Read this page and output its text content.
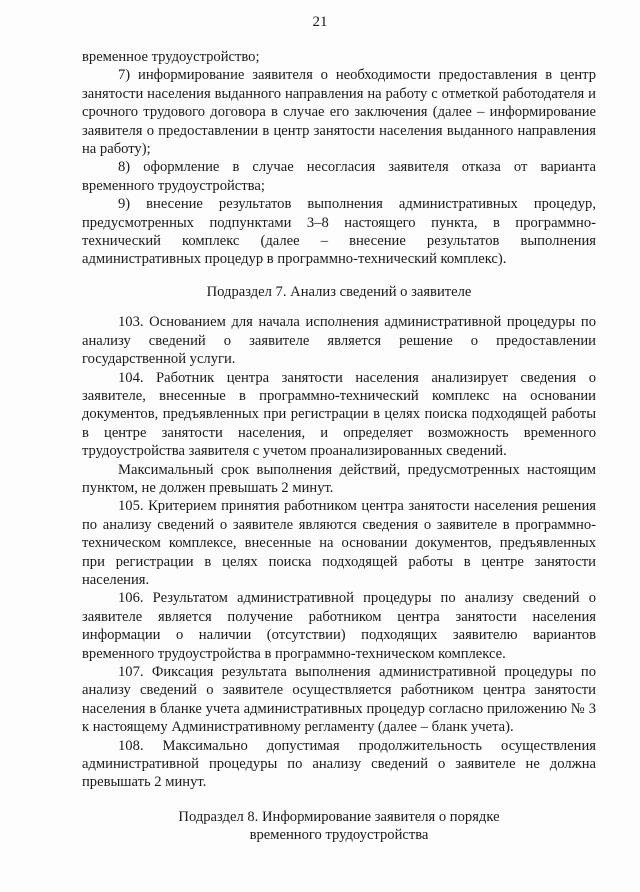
21

временное трудоустройство;

7) информирование заявителя о необходимости предоставления в центр занятости населения выданного направления на работу с отметкой работодателя и срочного трудового договора в случае его заключения (далее – информирование заявителя о предоставлении в центр занятости населения выданного направления на работу);

8) оформление в случае несогласия заявителя отказа от варианта временного трудоустройства;

9) внесение результатов выполнения административных процедур, предусмотренных подпунктами 3–8 настоящего пункта, в программно-технический комплекс (далее – внесение результатов выполнения административных процедур в программно-технический комплекс).

Подраздел 7. Анализ сведений о заявителе

103. Основанием для начала исполнения административной процедуры по анализу сведений о заявителе является решение о предоставлении государственной услуги.

104. Работник центра занятости населения анализирует сведения о заявителе, внесенные в программно-технический комплекс на основании документов, предъявленных при регистрации в целях поиска подходящей работы в центре занятости населения, и определяет возможность временного трудоустройства заявителя с учетом проанализированных сведений.

Максимальный срок выполнения действий, предусмотренных настоящим пунктом, не должен превышать 2 минут.

105. Критерием принятия работником центра занятости населения решения по анализу сведений о заявителе являются сведения о заявителе в программно-техническом комплексе, внесенные на основании документов, предъявленных при регистрации в целях поиска подходящей работы в центре занятости населения.

106. Результатом административной процедуры по анализу сведений о заявителе является получение работником центра занятости населения информации о наличии (отсутствии) подходящих заявителю вариантов временного трудоустройства в программно-техническом комплексе.

107. Фиксация результата выполнения административной процедуры по анализу сведений о заявителе осуществляется работником центра занятости населения в бланке учета административных процедур согласно приложению № 3 к настоящему Административному регламенту (далее – бланк учета).

108. Максимально допустимая продолжительность осуществления административной процедуры по анализу сведений о заявителе не должна превышать 2 минут.

Подраздел 8. Информирование заявителя о порядке
временного трудоустройства
